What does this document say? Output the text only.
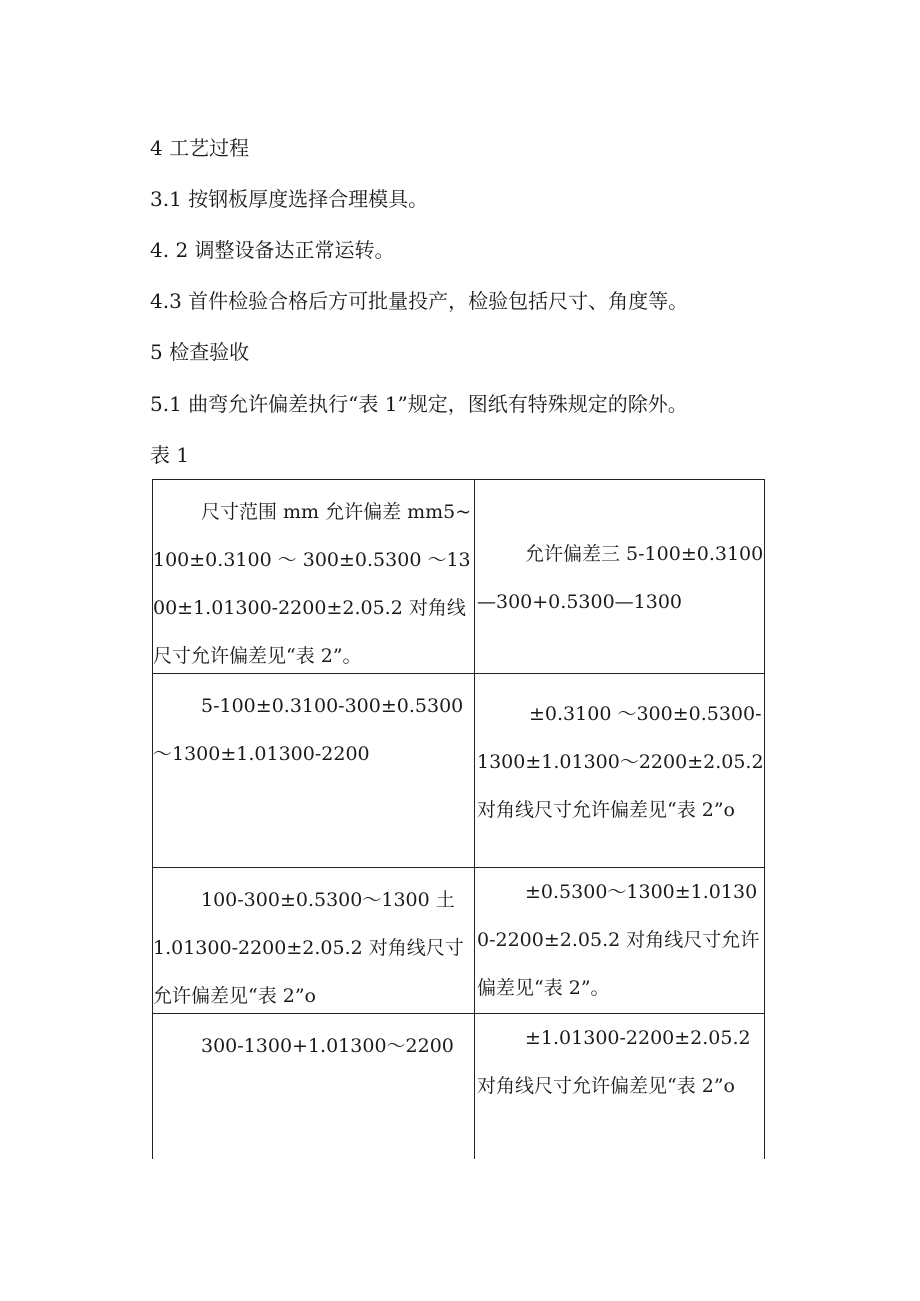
4 工艺过程
3.1 按钢板厚度选择合理模具。
4. 2 调整设备达正常运转。
4.3 首件检验合格后方可批量投产，检验包括尺寸、角度等。
5 检查验收
5.1 曲弯允许偏差执行“表 1”规定，图纸有特殊规定的除外。
表 1
尺寸范围 mm 允许偏差 mm5~100±0.3100 ～ 300±0.5300 ～1300±1.01300-2200±2.05.2 对角线尺寸允许偏差见“表 2”。
允许偏差三 5-100±0.3100—300+0.5300—1300
5-100±0.3100-300±0.5300～1300±1.01300-2200
±0.3100 ～300±0.5300-1300±1.01300～2200±2.05.2 对角线尺寸允许偏差见“表 2”o
100-300±0.5300～1300 土1.01300-2200±2.05.2 对角线尺寸允许偏差见“表 2”o
±0.5300～1300±1.01300-2200±2.05.2 对角线尺寸允许偏差见“表 2”。
300-1300+1.01300～2200	±1.01300-2200±2.05.2 对角线尺寸允许偏差见“表 2”o
